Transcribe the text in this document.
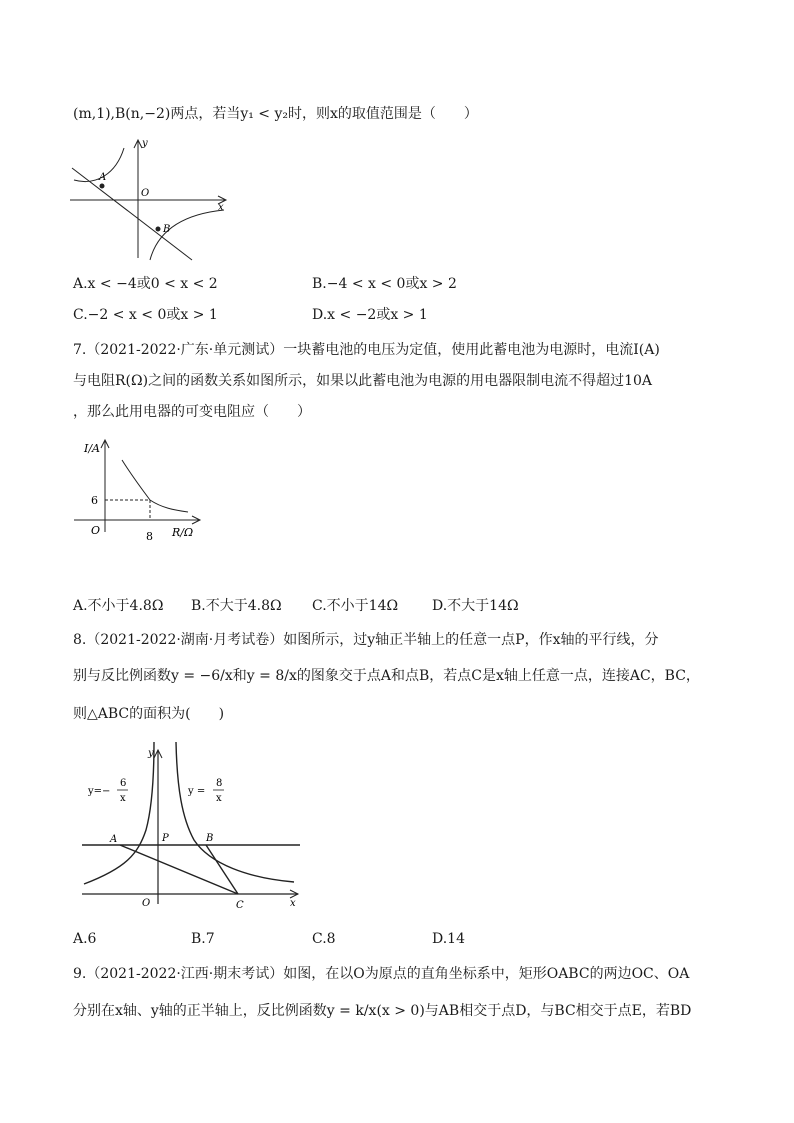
(m,1),B(n,−2)两点，若当y₁ < y₂时，则x的取值范围是（　　）
A
B
O
x
y
A.x < −4或0 < x < 2	B.−4 < x < 0或x > 2
C.−2 < x < 0或x > 1	D.x < −2或x > 1
7.（2021-2022·广东·单元测试）一块蓄电池的电压为定值，使用此蓄电池为电源时，电流I(A)
与电阻R(Ω)之间的函数关系如图所示，如果以此蓄电池为电源的用电器限制电流不得超过10A
，那么此用电器的可变电阻应（　　）
I/A
R/Ω
O
6
8
A.不小于4.8Ω B.不大于4.8Ω C.不小于14Ω D.不大于14Ω
8.（2021-2022·湖南·月考试卷）如图所示，过y轴正半轴上的任意一点P，作x轴的平行线，分
别与反比例函数y = −6/x和y = 8/x的图象交于点A和点B，若点C是x轴上任意一点，连接AC，BC，
则△ABC的面积为(　　)
y=−
6
x
y =
8
x
A	B
P
C
O	x
y
A.6	B.7	C.8	D.14
9.（2021-2022·江西·期末考试）如图，在以O为原点的直角坐标系中，矩形OABC的两边OC、OA
分别在x轴、y轴的正半轴上，反比例函数y = k/x(x > 0)与AB相交于点D，与BC相交于点E，若BD
